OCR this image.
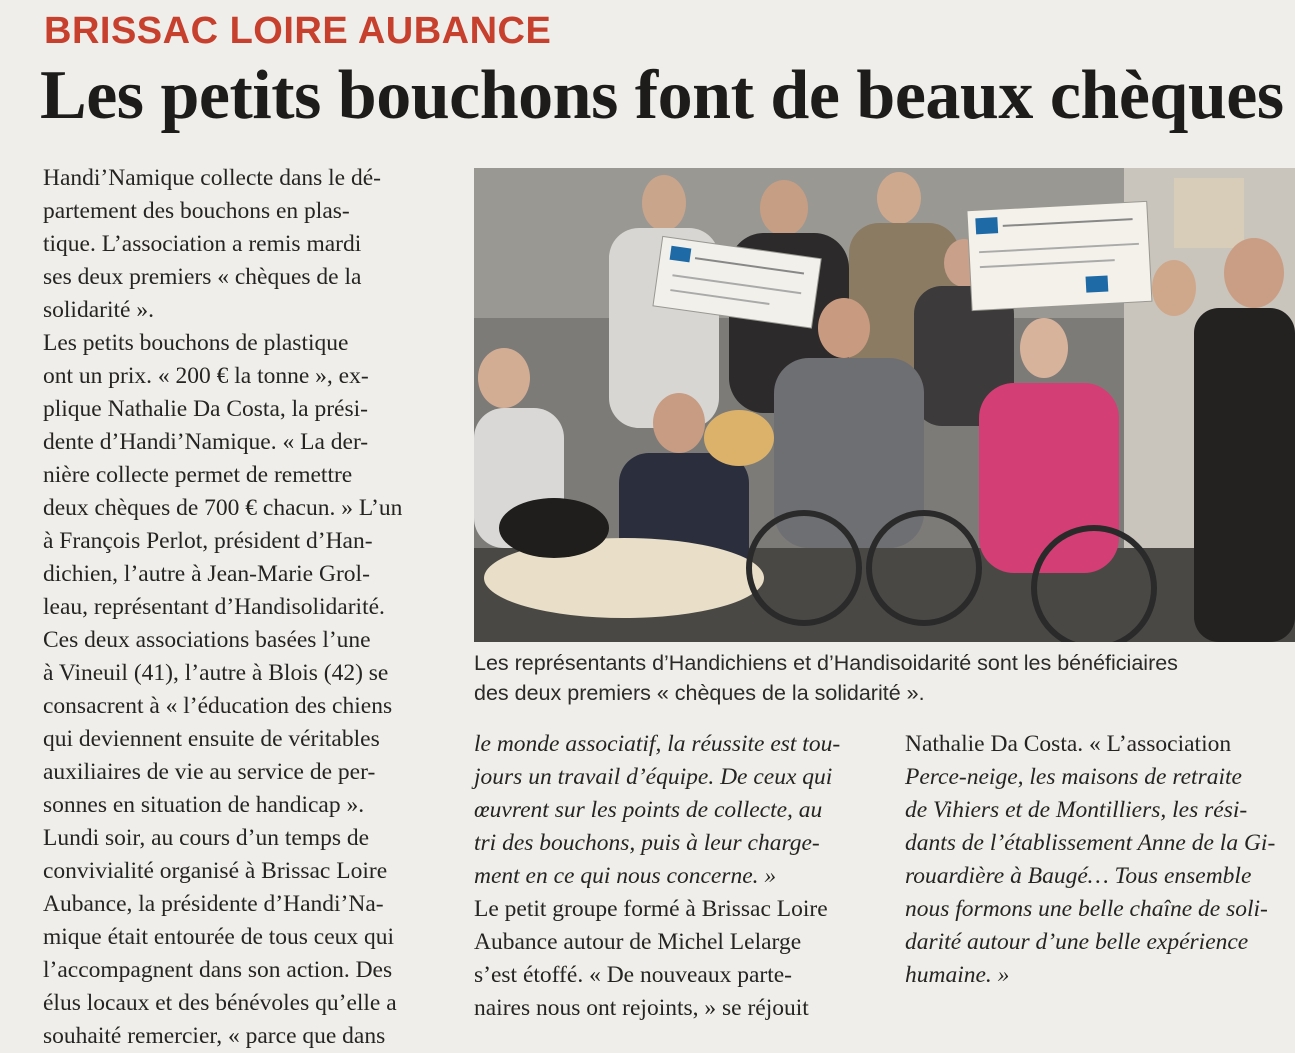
BRISSAC LOIRE AUBANCE
Les petits bouchons font de beaux chèques
Handi’Namique collecte dans le dé-
partement des bouchons en plas-
tique. L’association a remis mardi
ses deux premiers « chèques de la
solidarité ».
Les petits bouchons de plastique
ont un prix. « 200 € la tonne », ex-
plique Nathalie Da Costa, la prési-
dente d’Handi’Namique. « La der-
nière collecte permet de remettre
deux chèques de 700 € chacun. » L’un
à François Perlot, président d’Han-
dichien, l’autre à Jean-Marie Grol-
leau, représentant d’Handisolidarité.
Ces deux associations basées l’une
à Vineuil (41), l’autre à Blois (42) se
consacrent à « l’éducation des chiens
qui deviennent ensuite de véritables
auxiliaires de vie au service de per-
sonnes en situation de handicap ».
Lundi soir, au cours d’un temps de
convivialité organisé à Brissac Loire
Aubance, la présidente d’Handi’Na-
mique était entourée de tous ceux qui
l’accompagnent dans son action. Des
élus locaux et des bénévoles qu’elle a
souhaité remercier, « parce que dans
Les représentants d’Handichiens et d’Handisoidarité sont les bénéficiaires
des deux premiers « chèques de la solidarité ».
le monde associatif, la réussite est tou-
jours un travail d’équipe. De ceux qui
œuvrent sur les points de collecte, au
tri des bouchons, puis à leur charge-
ment en ce qui nous concerne. »
Le petit groupe formé à Brissac Loire
Aubance autour de Michel Lelarge
s’est étoffé. « De nouveaux parte-
naires nous ont rejoints, » se réjouit
Nathalie Da Costa. « L’association
Perce-neige, les maisons de retraite
de Vihiers et de Montilliers, les rési-
dants de l’établissement Anne de la Gi-
rouardière à Baugé… Tous ensemble
nous formons une belle chaîne de soli-
darité autour d’une belle expérience
humaine. »
